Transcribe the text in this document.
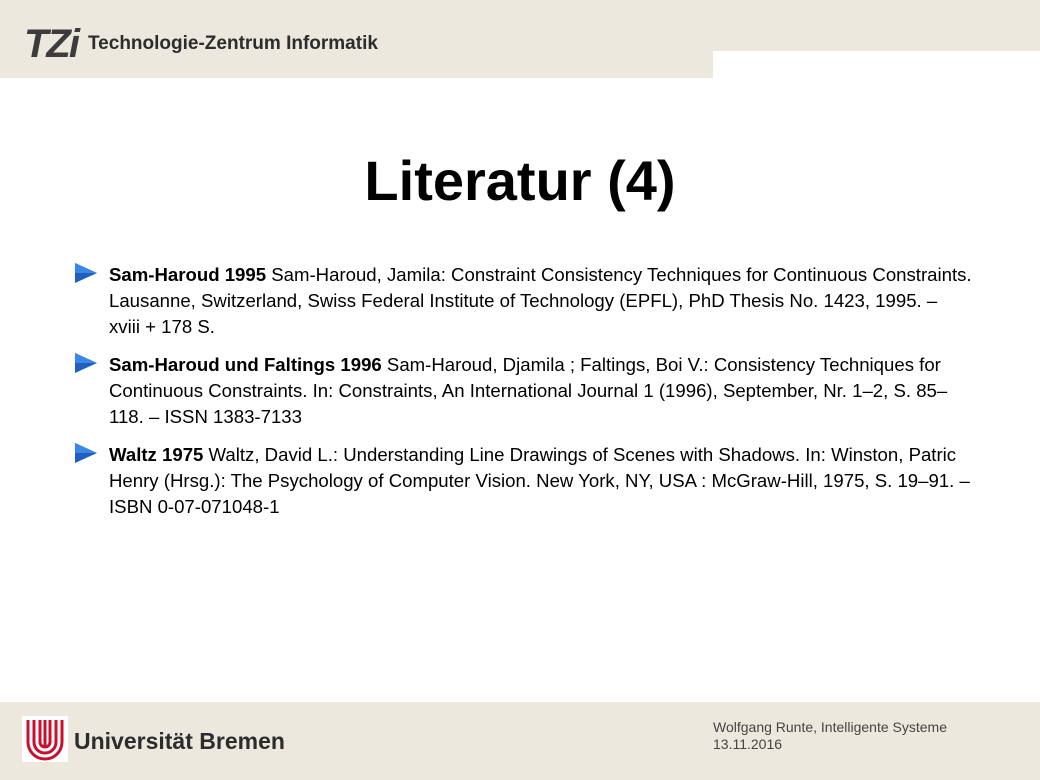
TZi Technologie-Zentrum Informatik
Literatur (4)
Sam-Haroud 1995 Sam-Haroud, Jamila: Constraint Consistency Techniques for Continuous Constraints. Lausanne, Switzerland, Swiss Federal Institute of Technology (EPFL), PhD Thesis No. 1423, 1995. – xviii + 178 S.
Sam-Haroud und Faltings 1996 Sam-Haroud, Djamila ; Faltings, Boi V.: Consistency Techniques for Continuous Constraints. In: Constraints, An International Journal 1 (1996), September, Nr. 1–2, S. 85–118. – ISSN 1383-7133
Waltz 1975 Waltz, David L.: Understanding Line Drawings of Scenes with Shadows. In: Winston, Patric Henry (Hrsg.): The Psychology of Computer Vision. New York, NY, USA : McGraw-Hill, 1975, S. 19–91. – ISBN 0-07-071048-1
Universität Bremen
Wolfgang Runte, Intelligente Systeme
13.11.2016
